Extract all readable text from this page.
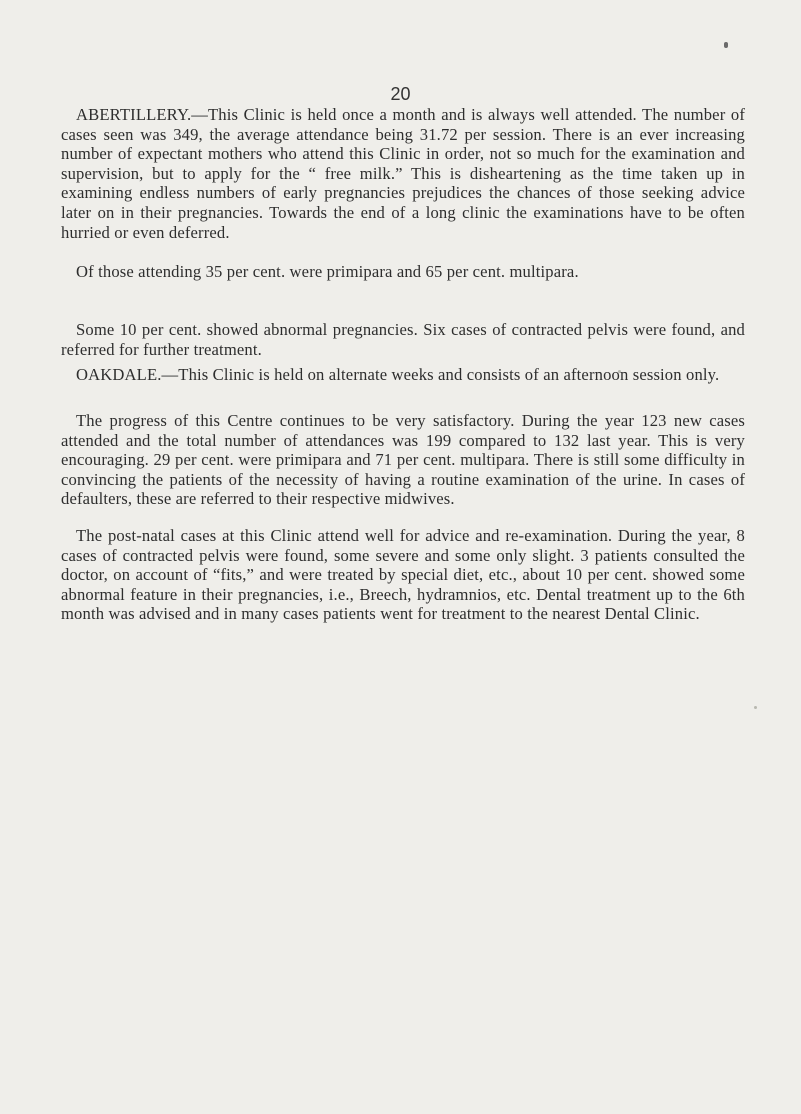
20

ABERTILLERY.—This Clinic is held once a month and is always well attended. The number of cases seen was 349, the average attendance being 31.72 per session. There is an ever increasing number of expectant mothers who attend this Clinic in order, not so much for the examination and supervision, but to apply for the “ free milk.” This is disheartening as the time taken up in examining endless numbers of early pregnancies prejudices the chances of those seeking advice later on in their pregnancies. Towards the end of a long clinic the examinations have to be often hurried or even deferred.

Of those attending 35 per cent. were primipara and 65 per cent. multipara.

Some 10 per cent. showed abnormal pregnancies. Six cases of contracted pelvis were found, and referred for further treatment.

OAKDALE.—This Clinic is held on alternate weeks and consists of an afternoon session only.

The progress of this Centre continues to be very satisfactory. During the year 123 new cases attended and the total number of attendances was 199 compared to 132 last year. This is very encouraging. 29 per cent. were primipara and 71 per cent. multipara. There is still some difficulty in convincing the patients of the necessity of having a routine examination of the urine. In cases of defaulters, these are referred to their respective midwives.

The post-natal cases at this Clinic attend well for advice and re-examination. During the year, 8 cases of contracted pelvis were found, some severe and some only slight. 3 patients consulted the doctor, on account of “fits,” and were treated by special diet, etc., about 10 per cent. showed some abnormal feature in their pregnancies, i.e., Breech, hydramnios, etc. Dental treatment up to the 6th month was advised and in many cases patients went for treatment to the nearest Dental Clinic.
